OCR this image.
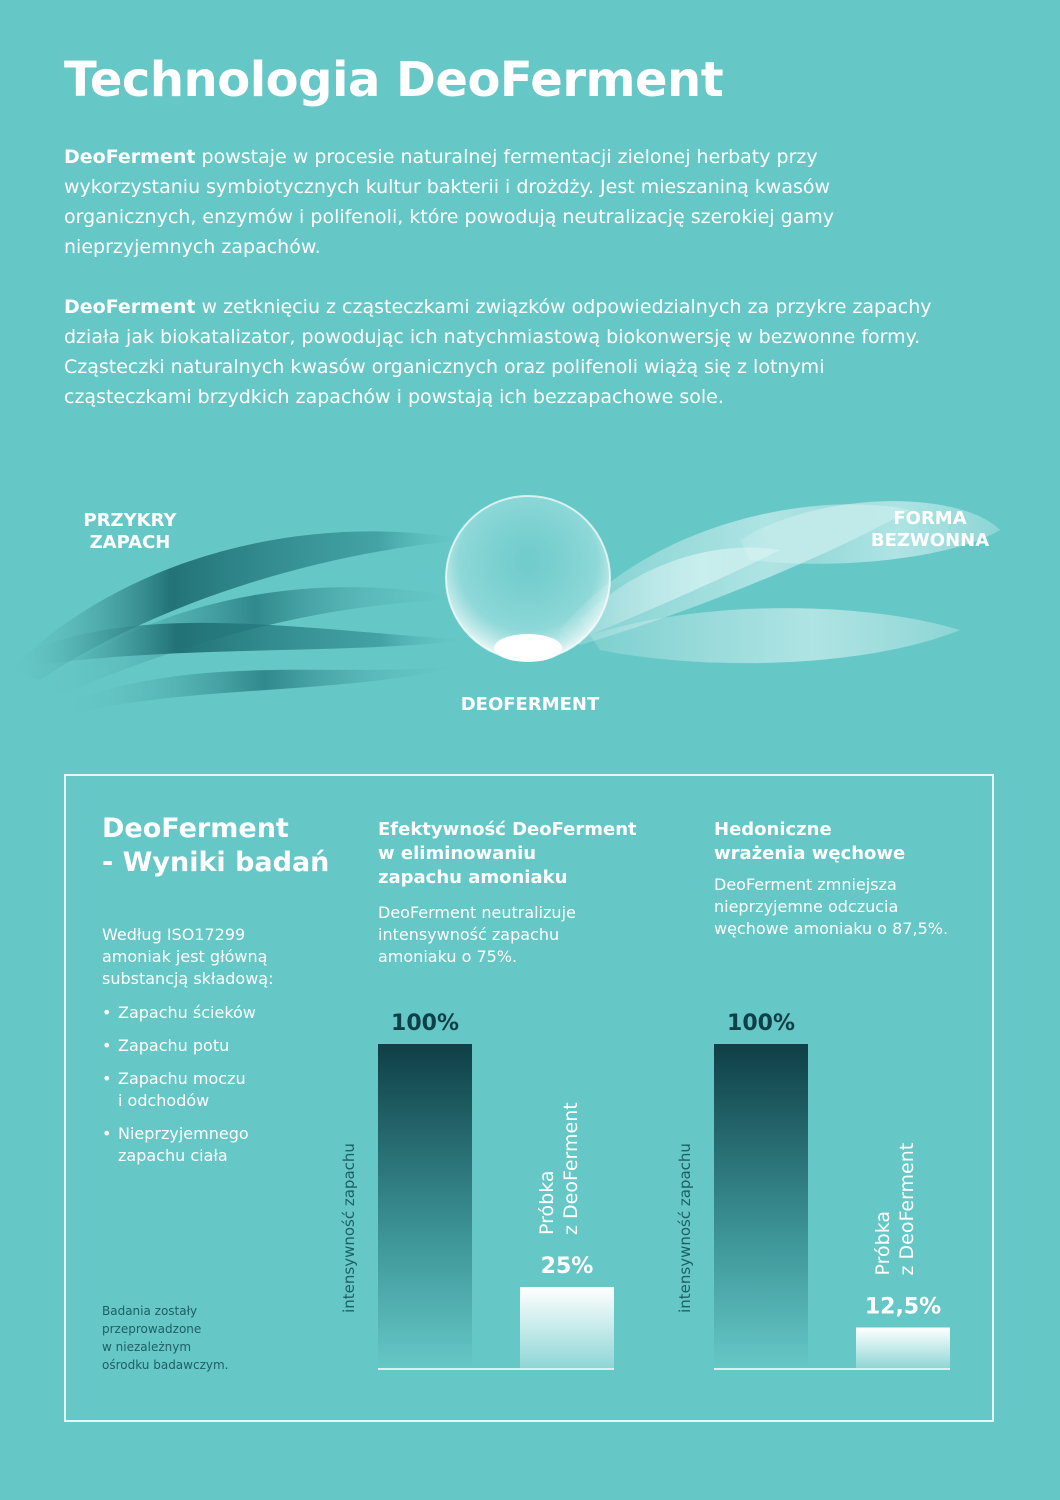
Technologia DeoFerment

DeoFerment powstaje w procesie naturalnej fermentacji zielonej herbaty przy wykorzystaniu symbiotycznych kultur bakterii i drożdży. Jest mieszaniną kwasów organicznych, enzymów i polifenoli, które powodują neutralizację szerokiej gamy nieprzyjemnych zapachów.

DeoFerment w zetknięciu z cząsteczkami związków odpowiedzialnych za przykre zapachy działa jak biokatalizator, powodując ich natychmiastową biokonwersję w bezwonne formy. Cząsteczki naturalnych kwasów organicznych oraz polifenoli wiążą się z lotnymi cząsteczkami brzydkich zapachów i powstają ich bezzapachowe sole.

PRZYKRY
ZAPACH
FORMA
BEZWONNA
DEOFERMENT
DeoFerment
- Wyniki badań
Według ISO17299
amoniak jest główną
substancją składową:
• Zapachu ścieków
• Zapachu potu
• Zapachu moczu
i odchodów
• Nieprzyjemnego
zapachu ciała
Badania zostały
przeprowadzone
w niezależnym
ośrodku badawczym.
Efektywność DeoFerment
w eliminowaniu
zapachu amoniaku
DeoFerment neutralizuje
intensywność zapachu
amoniaku o 75%.
Hedoniczne
wrażenia węchowe
DeoFerment zmniejsza
nieprzyjemne odczucia
węchowe amoniaku o 87,5%.
intensywność zapachu
100%
25%
Próbka z DeoFerment	intensywność zapachu
100%
12,5%
Próbka z DeoFerment
